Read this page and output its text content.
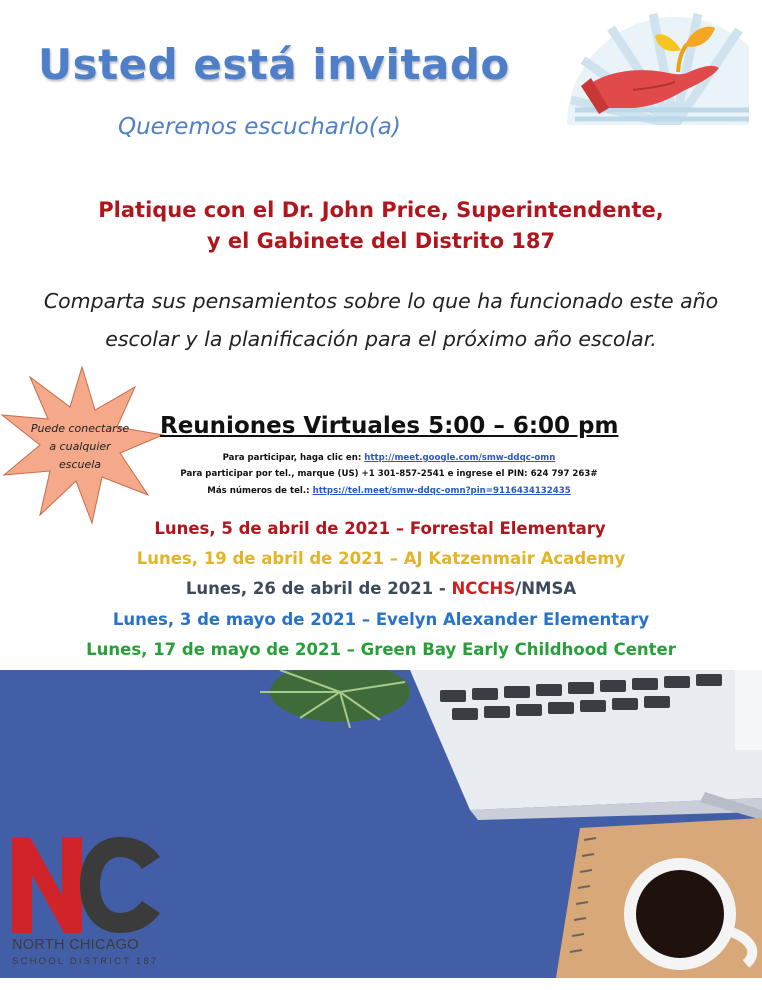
Usted está invitado
Queremos escucharlo(a)
Platique con el Dr. John Price, Superintendente,
y el Gabinete del Distrito 187
Comparta sus pensamientos sobre lo que ha funcionado este año escolar y la planificación para el próximo año escolar.
Puede conectarse a cualquier escuela
Reuniones Virtuales 5:00 – 6:00 pm
Para participar, haga clic en: http://meet.google.com/smw-ddqc-omn
Para participar por tel., marque (US) +1 301-857-2541 e ingrese el PIN: 624 797 263#
Más números de tel.: https://tel.meet/smw-ddqc-omn?pin=9116434132435
Lunes, 5 de abril de 2021 – Forrestal Elementary
Lunes, 19 de abril de 2021 – AJ Katzenmair Academy
Lunes, 26 de abril de 2021 - NCCHS/NMSA
Lunes, 3 de mayo de 2021 – Evelyn Alexander Elementary
Lunes, 17 de mayo de 2021 – Green Bay Early Childhood Center
NORTH CHICAGO
SCHOOL DISTRICT 187
